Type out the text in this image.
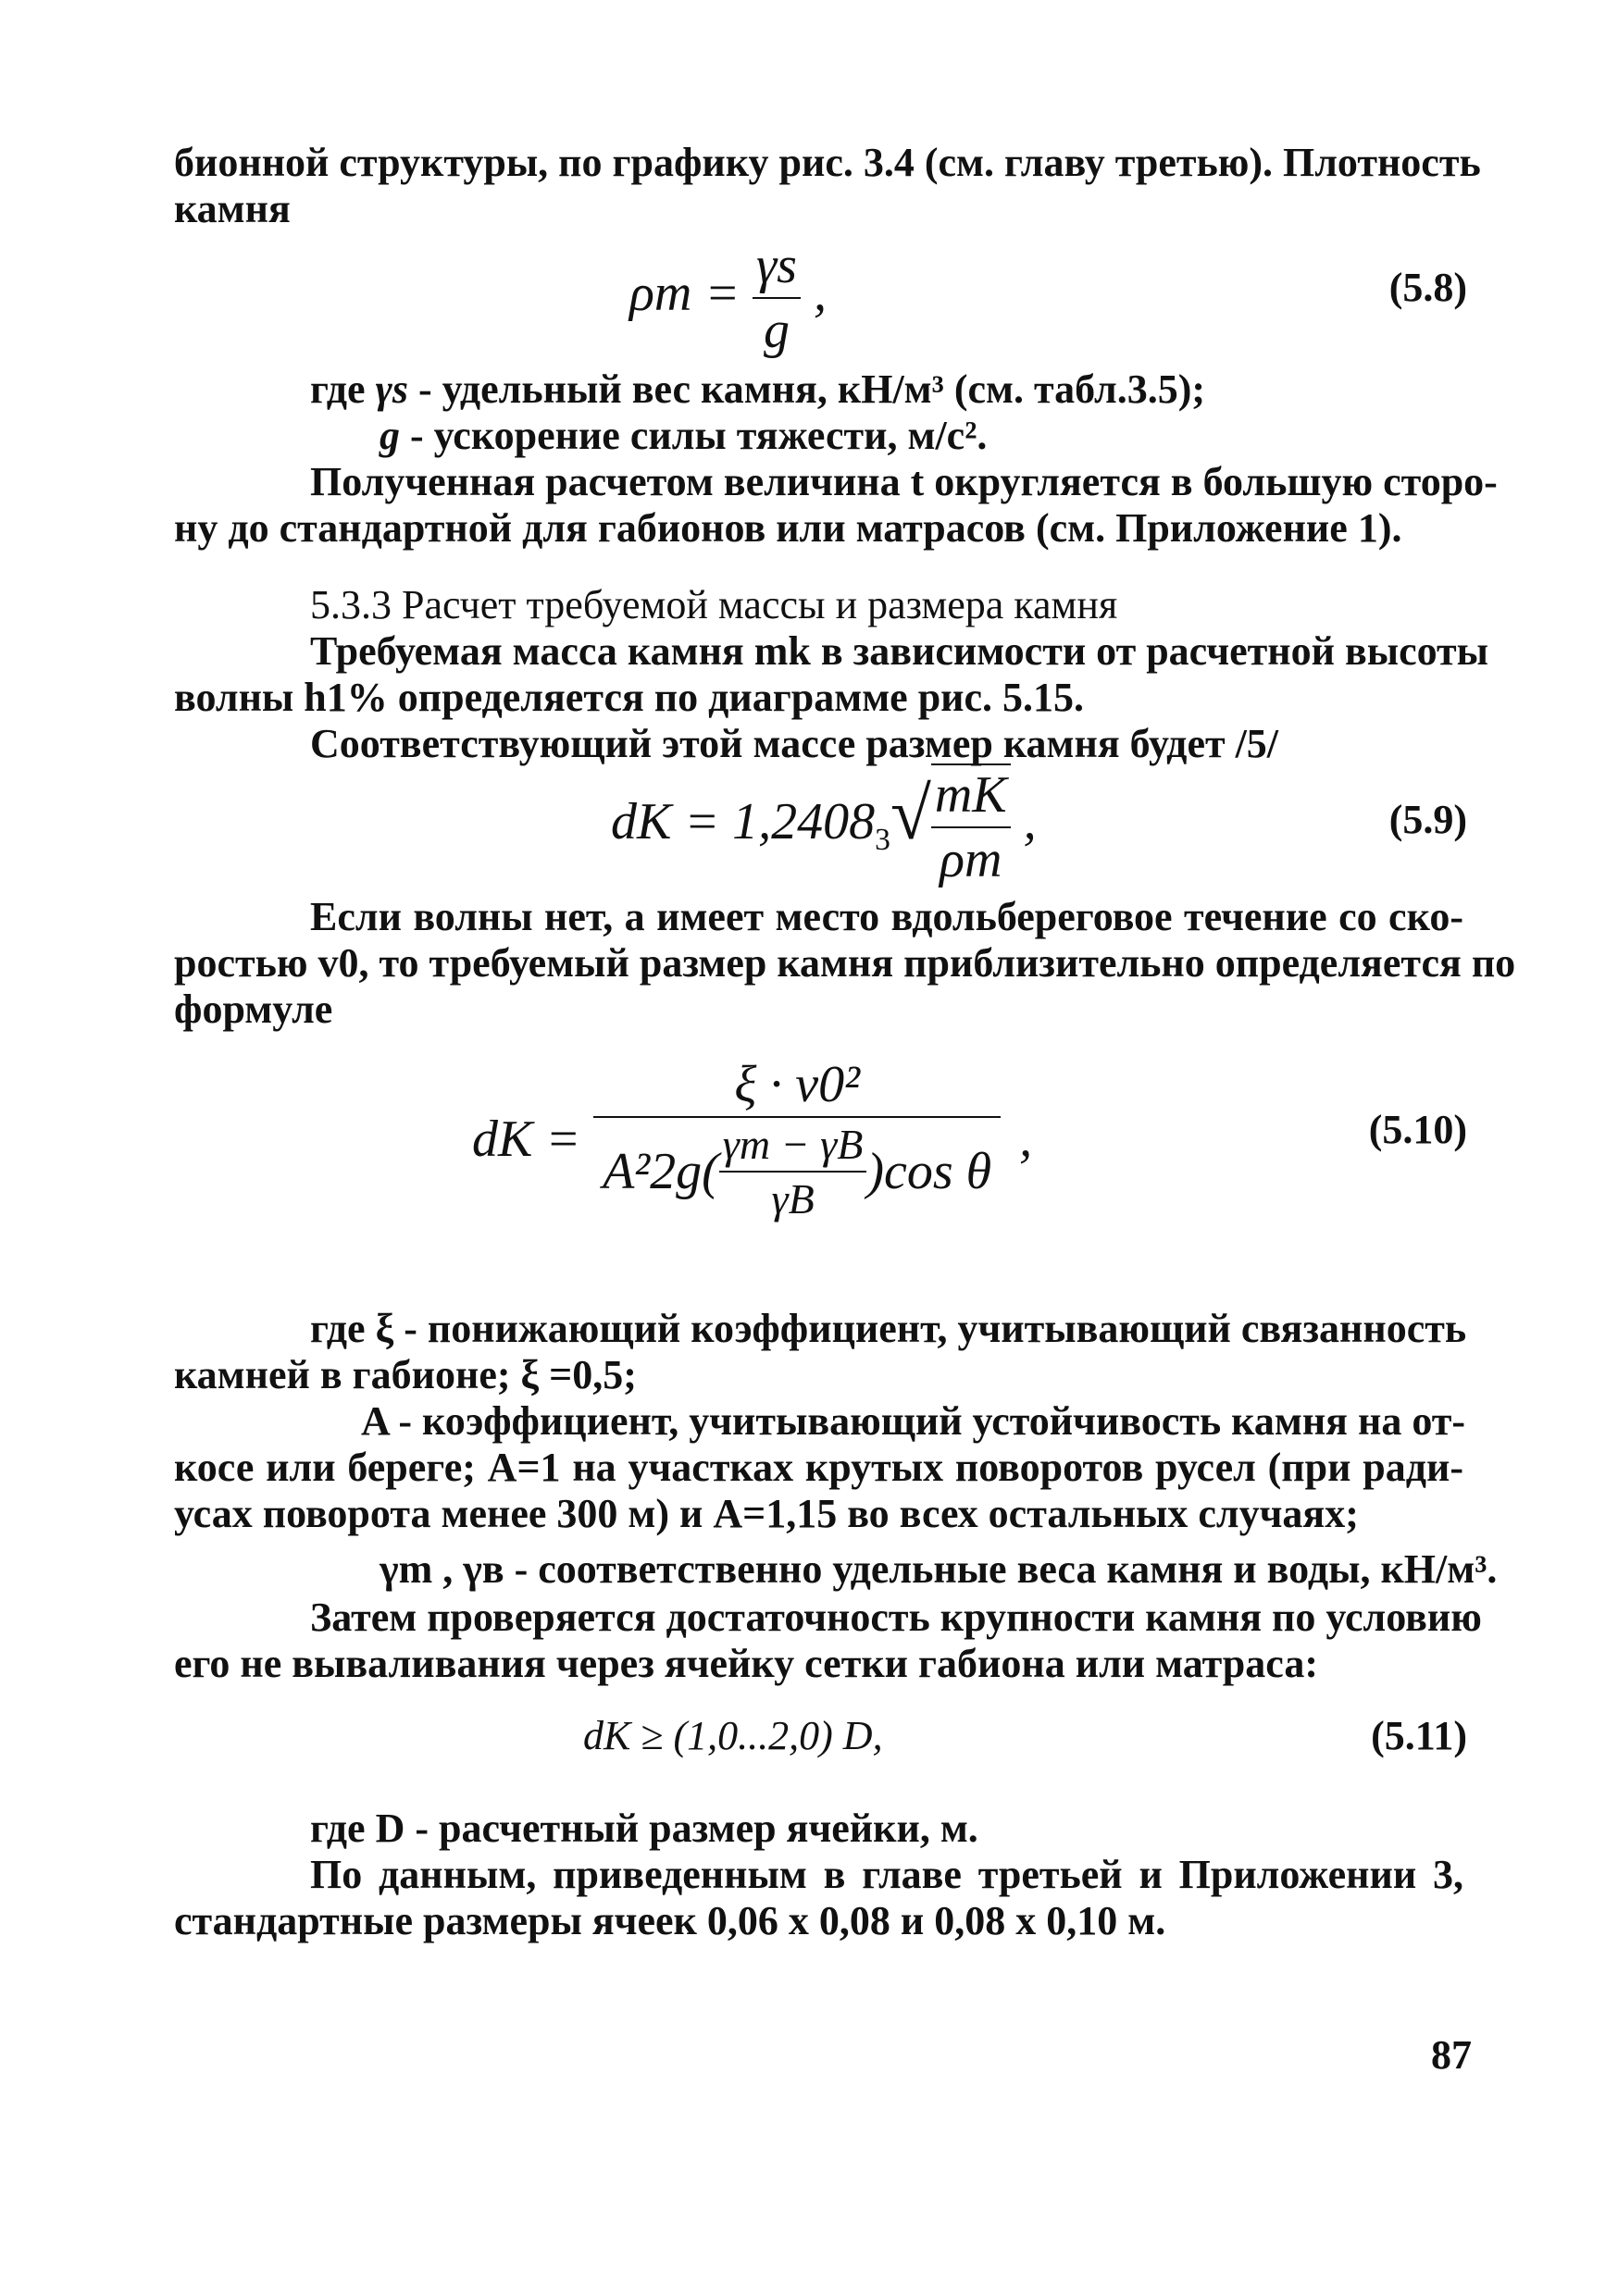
бионной структуры, по графику рис. 3.4 (см. главу третью). Плотность
камня
$\rho m = \frac{\gamma s}{g}$ ,	(5.8)
где γs - удельный вес камня, кН/м³ (см. табл.3.5);
g - ускорение силы тяжести, м/с².
Полученная расчетом величина t округляется в большую сторо-
ну до стандартной для габионов или матрасов (см. Приложение 1).
5.3.3 Расчет требуемой массы и размера камня
Требуемая масса камня mk в зависимости от расчетной высоты
волны h1% определяется по диаграмме рис. 5.15.
Соответствующий этой массе размер камня будет /5/
dK = $1,2408_3√ \frac{mK}{\rho m}$ ,	(5.9)
Если волны нет, а имеет место вдольбереговое течение со ско-
ростью v0, то требуемый размер камня приблизительно определяется по
формуле
dK =
ξ · v0²
$A^22g( \frac{\gamma m - \gamma B}{\gamma B} )\cos$ θ
,	(5.10)
где ξ - понижающий коэффициент, учитывающий связанность
камней в габионе; ξ =0,5;
A - коэффициент, учитывающий устойчивость камня на от-
косе или береге; A=1 на участках крутых поворотов русел (при ради-
усах поворота менее 300 м) и A=1,15 во всех остальных случаях;
γm , γв - соответственно удельные веса камня и воды, кН/м³.
Затем проверяется достаточность крупности камня по условию
его не вываливания через ячейку сетки габиона или матраса:
dK ≥ (1,0...2,0) D,	(5.11)
где D - расчетный размер ячейки, м.
По данным, приведенным в главе третьей и Приложении 3,
стандартные размеры ячеек 0,06 х 0,08 и 0,08 х 0,10 м.
87
